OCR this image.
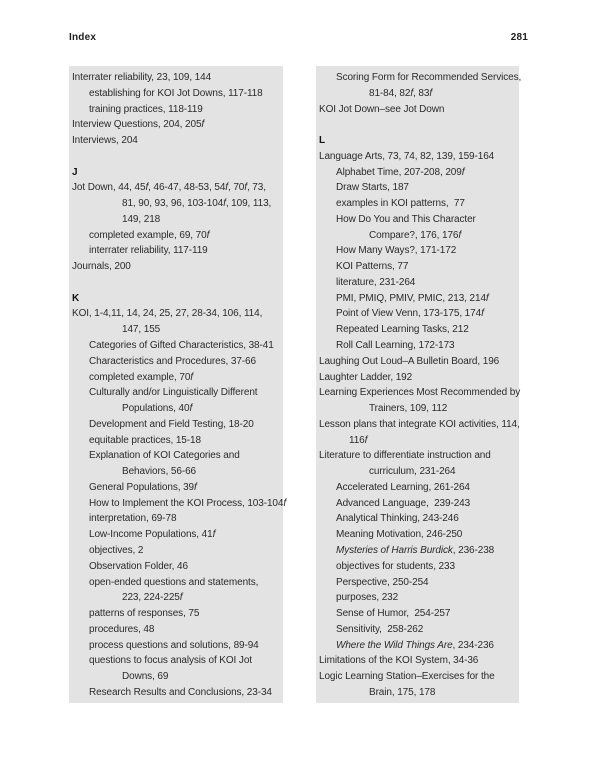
Index	281
Interrater reliability, 23, 109, 144
establishing for KOI Jot Downs, 117-118
training practices, 118-119
Interview Questions, 204, 205f
Interviews, 204
J
Jot Down, 44, 45f, 46-47, 48-53, 54f, 70f, 73,
81, 90, 93, 96, 103-104f, 109, 113,
149, 218
completed example, 69, 70f
interrater reliability, 117-119
Journals, 200
K
KOI, 1-4,11, 14, 24, 25, 27, 28-34, 106, 114,
147, 155
Categories of Gifted Characteristics, 38-41
Characteristics and Procedures, 37-66
completed example, 70f
Culturally and/or Linguistically Different
Populations, 40f
Development and Field Testing, 18-20
equitable practices, 15-18
Explanation of KOI Categories and
Behaviors, 56-66
General Populations, 39f
How to Implement the KOI Process, 103-104f
interpretation, 69-78
Low-Income Populations, 41f
objectives, 2
Observation Folder, 46
open-ended questions and statements,
223, 224-225f
patterns of responses, 75
procedures, 48
process questions and solutions, 89-94
questions to focus analysis of KOI Jot
Downs, 69
Research Results and Conclusions, 23-34
Scoring Form for Recommended Services,
81-84, 82f, 83f
KOI Jot Down–see Jot Down
L
Language Arts, 73, 74, 82, 139, 159-164
Alphabet Time, 207-208, 209f
Draw Starts, 187
examples in KOI patterns,  77
How Do You and This Character
Compare?, 176, 176f
How Many Ways?, 171-172
KOI Patterns, 77
literature, 231-264
PMI, PMIQ, PMIV, PMIC, 213, 214f
Point of View Venn, 173-175, 174f
Repeated Learning Tasks, 212
Roll Call Learning, 172-173
Laughing Out Loud–A Bulletin Board, 196
Laughter Ladder, 192
Learning Experiences Most Recommended by
Trainers, 109, 112
Lesson plans that integrate KOI activities, 114,
116f
Literature to differentiate instruction and
curriculum, 231-264
Accelerated Learning, 261-264
Advanced Language,  239-243
Analytical Thinking, 243-246
Meaning Motivation, 246-250
Mysteries of Harris Burdick, 236-238
objectives for students, 233
Perspective, 250-254
purposes, 232
Sense of Humor,  254-257
Sensitivity,  258-262
Where the Wild Things Are, 234-236
Limitations of the KOI System, 34-36
Logic Learning Station–Exercises for the
Brain, 175, 178
